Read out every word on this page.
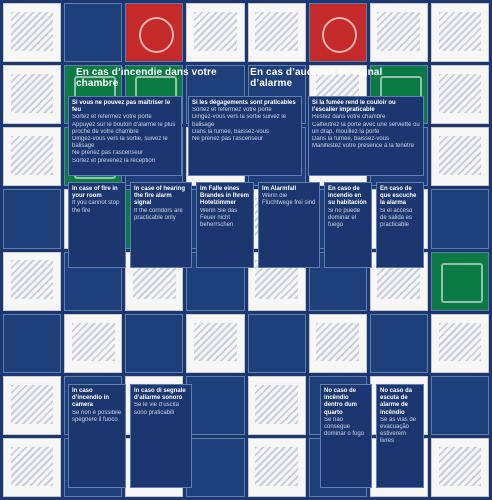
En cas d’incendie dans votre chambre
En cas d’audition du signal d’alarme
Si vous ne pouvez pas maîtriser le feu
Sortez et refermez votre porte
Appuyez sur le bouton d’alarme le plus proche de votre chambre
Dirigez-vous vers la sortie, suivez le balisage
Ne prenez pas l’ascenseur
Sortez et prévenez la réception
Si les dégagements sont praticables
Sortez et refermez votre porte
Dirigez-vous vers la sortie suivez le balisage
Dans la fumée, baissez-vous
Ne prenez pas l’ascenseur
Si la fumée rend le couloir ou l’escalier impraticable
Restez dans votre chambre
Calfeutrez la porte avec une serviette ou un drap, mouillez la porte
Dans la fumée, baissez-vous
Manifestez votre présence à la fenêtre
In case of fire in your room
If you cannot stop the fire
In case of hearing the fire alarm signal
If the corridors are practicable only
Im Falle eines Brandes in Ihrem Hotelzimmer
Wenn Sie das Feuer nicht beherrschen
Im Alarmfall
Wenn die Fluchtwege frei sind
En caso de incendio en su habitación
Si no puede dominar el fuego
En caso de que escuche la alarma
Si el acceso de salida es practicable
In caso d’incendio in camera
Se non è possibile spegnere il fuoco
In caso di segnale d’allarme sonoro
Se le vie d’uscita sono praticabili
No caso de incêndio dentro dum quarto
Se não consegue dominar o fogo
No caso da escuta de alarme de incêndio
Se as vias de evacuação estiverem livres
